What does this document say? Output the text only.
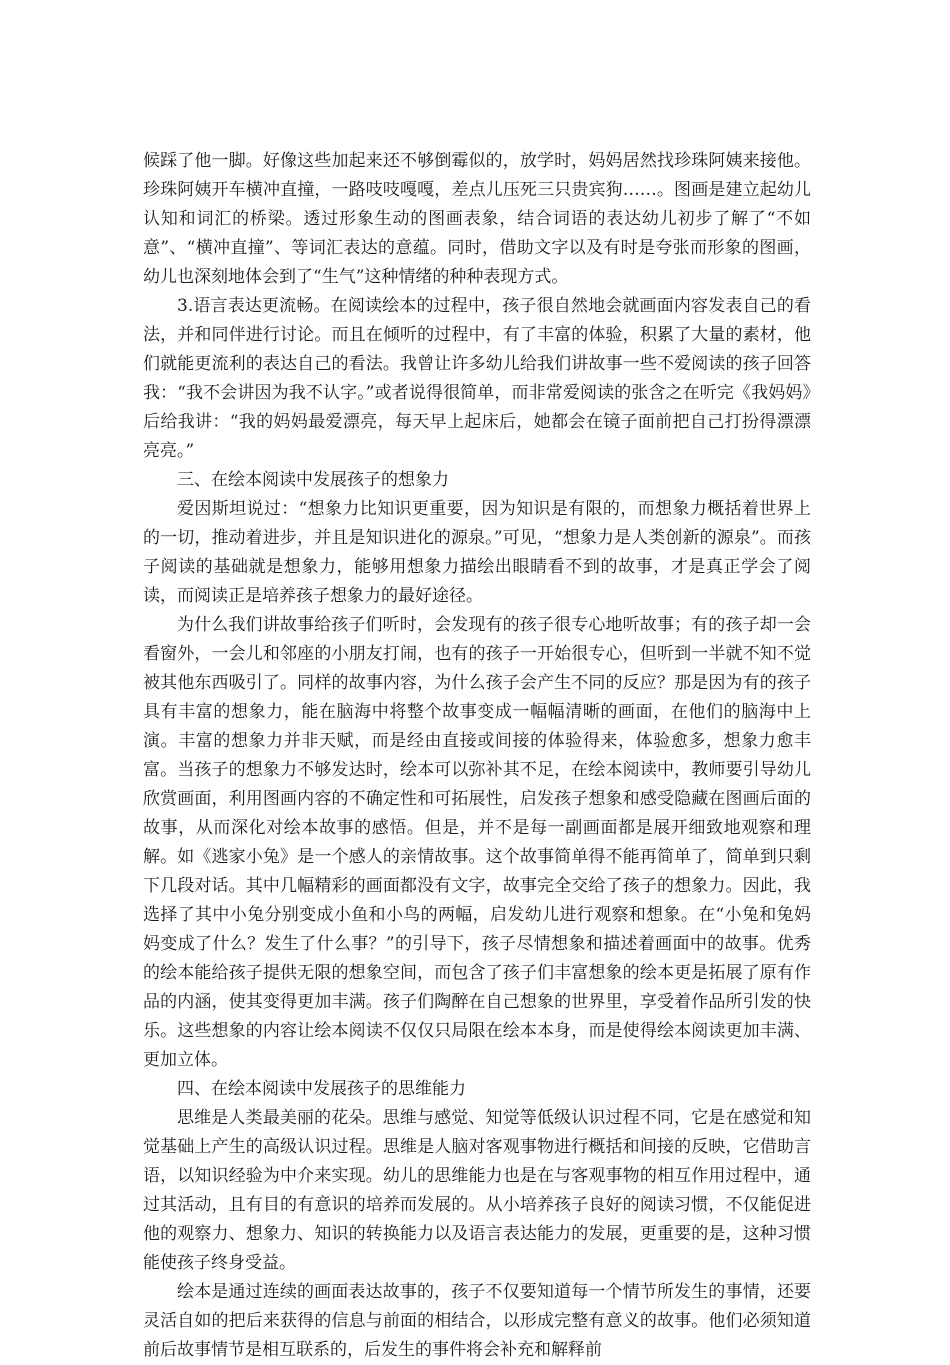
候踩了他一脚。好像这些加起来还不够倒霉似的，放学时，妈妈居然找珍珠阿姨来接他。珍珠阿姨开车横冲直撞，一路吱吱嘎嘎，差点儿压死三只贵宾狗……。图画是建立起幼儿认知和词汇的桥梁。透过形象生动的图画表象，结合词语的表达幼儿初步了解了“不如意”、“横冲直撞”、等词汇表达的意蕴。同时，借助文字以及有时是夸张而形象的图画，幼儿也深刻地体会到了“生气”这种情绪的种种表现方式。

3.语言表达更流畅。在阅读绘本的过程中，孩子很自然地会就画面内容发表自己的看法，并和同伴进行讨论。而且在倾听的过程中，有了丰富的体验，积累了大量的素材，他们就能更流利的表达自己的看法。我曾让许多幼儿给我们讲故事一些不爱阅读的孩子回答我：“我不会讲因为我不认字。”或者说得很简单，而非常爱阅读的张含之在听完《我妈妈》后给我讲：“我的妈妈最爱漂亮，每天早上起床后，她都会在镜子面前把自己打扮得漂漂亮亮。”

三、在绘本阅读中发展孩子的想象力

爱因斯坦说过：“想象力比知识更重要，因为知识是有限的，而想象力概括着世界上的一切，推动着进步，并且是知识进化的源泉。”可见，“想象力是人类创新的源泉”。而孩子阅读的基础就是想象力，能够用想象力描绘出眼睛看不到的故事，才是真正学会了阅读，而阅读正是培养孩子想象力的最好途径。

为什么我们讲故事给孩子们听时，会发现有的孩子很专心地听故事；有的孩子却一会看窗外，一会儿和邻座的小朋友打闹，也有的孩子一开始很专心，但听到一半就不知不觉被其他东西吸引了。同样的故事内容，为什么孩子会产生不同的反应？那是因为有的孩子具有丰富的想象力，能在脑海中将整个故事变成一幅幅清晰的画面，在他们的脑海中上演。丰富的想象力并非天赋，而是经由直接或间接的体验得来，体验愈多，想象力愈丰富。当孩子的想象力不够发达时，绘本可以弥补其不足，在绘本阅读中，教师要引导幼儿欣赏画面，利用图画内容的不确定性和可拓展性，启发孩子想象和感受隐藏在图画后面的故事，从而深化对绘本故事的感悟。但是，并不是每一副画面都是展开细致地观察和理解。如《逃家小兔》是一个感人的亲情故事。这个故事简单得不能再简单了，简单到只剩下几段对话。其中几幅精彩的画面都没有文字，故事完全交给了孩子的想象力。因此，我选择了其中小兔分别变成小鱼和小鸟的两幅，启发幼儿进行观察和想象。在“小兔和兔妈妈变成了什么？发生了什么事？”的引导下，孩子尽情想象和描述着画面中的故事。优秀的绘本能给孩子提供无限的想象空间，而包含了孩子们丰富想象的绘本更是拓展了原有作品的内涵，使其变得更加丰满。孩子们陶醉在自己想象的世界里，享受着作品所引发的快乐。这些想象的内容让绘本阅读不仅仅只局限在绘本本身，而是使得绘本阅读更加丰满、更加立体。

四、在绘本阅读中发展孩子的思维能力

思维是人类最美丽的花朵。思维与感觉、知觉等低级认识过程不同，它是在感觉和知觉基础上产生的高级认识过程。思维是人脑对客观事物进行概括和间接的反映，它借助言语，以知识经验为中介来实现。幼儿的思维能力也是在与客观事物的相互作用过程中，通过其活动，且有目的有意识的培养而发展的。从小培养孩子良好的阅读习惯，不仅能促进他的观察力、想象力、知识的转换能力以及语言表达能力的发展，更重要的是，这种习惯能使孩子终身受益。

绘本是通过连续的画面表达故事的，孩子不仅要知道每一个情节所发生的事情，还要灵活自如的把后来获得的信息与前面的相结合，以形成完整有意义的故事。他们必须知道前后故事情节是相互联系的，后发生的事件将会补充和解释前
